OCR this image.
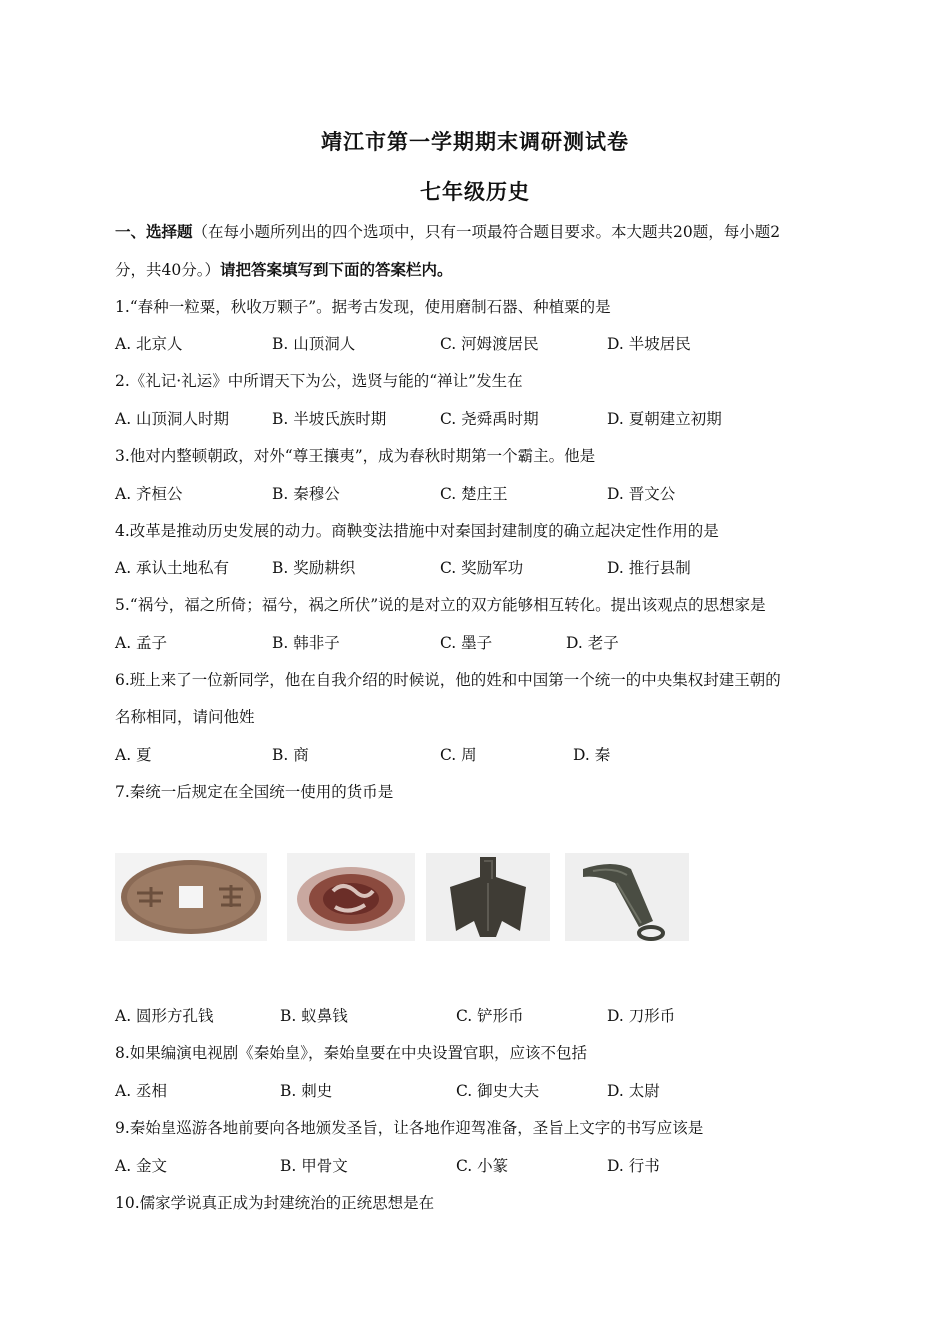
靖江市第一学期期末调研测试卷
七年级历史
一、选择题（在每小题所列出的四个选项中，只有一项最符合题目要求。本大题共20题，每小题2
分，共40分。）请把答案填写到下面的答案栏内。
1.“春种一粒粟，秋收万颗子”。据考古发现，使用磨制石器、种植粟的是
A. 北京人	B. 山顶洞人	C. 河姆渡居民	D. 半坡居民
2.《礼记·礼运》中所谓天下为公，选贤与能的“禅让”发生在
A. 山顶洞人时期	B. 半坡氏族时期	C. 尧舜禹时期	D. 夏朝建立初期
3.他对内整顿朝政，对外“尊王攘夷”，成为春秋时期第一个霸主。他是
A. 齐桓公	B. 秦穆公	C. 楚庄王	D. 晋文公
4.改革是推动历史发展的动力。商鞅变法措施中对秦国封建制度的确立起决定性作用的是
A. 承认土地私有	B. 奖励耕织	C. 奖励军功	D. 推行县制
5.“祸兮，福之所倚；福兮，祸之所伏”说的是对立的双方能够相互转化。提出该观点的思想家是
A. 孟子	B. 韩非子	C. 墨子	D. 老子
6.班上来了一位新同学，他在自我介绍的时候说，他的姓和中国第一个统一的中央集权封建王朝的
名称相同，请问他姓
A. 夏	B. 商	C. 周	D. 秦
7.秦统一后规定在全国统一使用的货币是
A. 圆形方孔钱	B. 蚁鼻钱	C. 铲形币	D. 刀形币
8.如果编演电视剧《秦始皇》，秦始皇要在中央设置官职，应该不包括
A. 丞相	B. 刺史	C. 御史大夫	D. 太尉
9.秦始皇巡游各地前要向各地颁发圣旨，让各地作迎驾准备，圣旨上文字的书写应该是
A. 金文	B. 甲骨文	C. 小篆	D. 行书
10.儒家学说真正成为封建统治的正统思想是在
